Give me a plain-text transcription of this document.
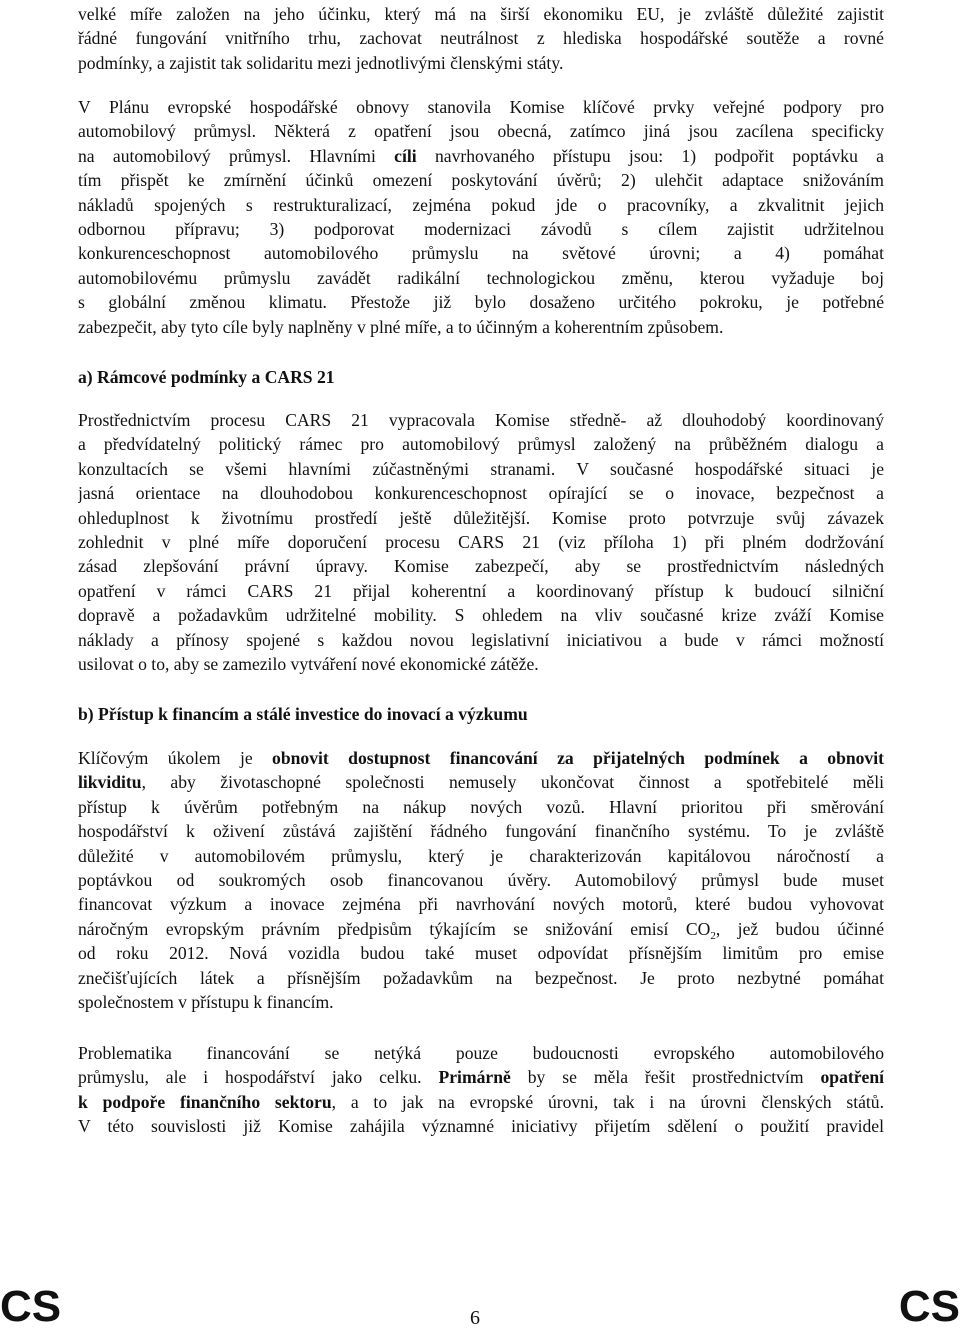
velké míře založen na jeho účinku, který má na širší ekonomiku EU, je zvláště důležité zajistit
řádné fungování vnitřního trhu, zachovat neutrálnost z hlediska hospodářské soutěže a rovné
podmínky, a zajistit tak solidaritu mezi jednotlivými členskými státy.
V Plánu evropské hospodářské obnovy stanovila Komise klíčové prvky veřejné podpory pro
automobilový průmysl. Některá z opatření jsou obecná, zatímco jiná jsou zacílena specificky
na automobilový průmysl. Hlavními cíli navrhovaného přístupu jsou: 1) podpořit poptávku a
tím přispět ke zmírnění účinků omezení poskytování úvěrů; 2) ulehčit adaptace snižováním
nákladů spojených s restrukturalizací, zejména pokud jde o pracovníky, a zkvalitnit jejich
odbornou přípravu; 3) podporovat modernizaci závodů s cílem zajistit udržitelnou
konkurenceschopnost automobilového průmyslu na světové úrovni; a 4) pomáhat
automobilovému průmyslu zavádět radikální technologickou změnu, kterou vyžaduje boj
s globální změnou klimatu. Přestože již bylo dosaženo určitého pokroku, je potřebné
zabezpečit, aby tyto cíle byly naplněny v plné míře, a to účinným a koherentním způsobem.
a) Rámcové podmínky a CARS 21
Prostřednictvím procesu CARS 21 vypracovala Komise středně- až dlouhodobý koordinovaný
a předvídatelný politický rámec pro automobilový průmysl založený na průběžném dialogu a
konzultacích se všemi hlavními zúčastněnými stranami. V současné hospodářské situaci je
jasná orientace na dlouhodobou konkurenceschopnost opírající se o inovace, bezpečnost a
ohleduplnost k životnímu prostředí ještě důležitější. Komise proto potvrzuje svůj závazek
zohlednit v plné míře doporučení procesu CARS 21 (viz příloha 1) při plném dodržování
zásad zlepšování právní úpravy. Komise zabezpečí, aby se prostřednictvím následných
opatření v rámci CARS 21 přijal koherentní a koordinovaný přístup k budoucí silniční
dopravě a požadavkům udržitelné mobility. S ohledem na vliv současné krize zváží Komise
náklady a přínosy spojené s každou novou legislativní iniciativou a bude v rámci možností
usilovat o to, aby se zamezilo vytváření nové ekonomické zátěže.
b) Přístup k financím a stálé investice do inovací a výzkumu
Klíčovým úkolem je obnovit dostupnost financování za přijatelných podmínek a obnovit
likviditu, aby životaschopné společnosti nemusely ukončovat činnost a spotřebitelé měli
přístup k úvěrům potřebným na nákup nových vozů. Hlavní prioritou při směrování
hospodářství k oživení zůstává zajištění řádného fungování finančního systému. To je zvláště
důležité v automobilovém průmyslu, který je charakterizován kapitálovou náročností a
poptávkou od soukromých osob financovanou úvěry. Automobilový průmysl bude muset
financovat výzkum a inovace zejména při navrhování nových motorů, které budou vyhovovat
náročným evropským právním předpisům týkajícím se snižování emisí $CO_2$, jež budou účinné
od roku 2012. Nová vozidla budou také muset odpovídat přísnějším limitům pro emise
znečišťujících látek a přísnějším požadavkům na bezpečnost. Je proto nezbytné pomáhat
společnostem v přístupu k financím.
Problematika financování se netýká pouze budoucnosti evropského automobilového
průmyslu, ale i hospodářství jako celku. Primárně by se měla řešit prostřednictvím opatření
k podpoře finančního sektoru, a to jak na evropské úrovni, tak i na úrovni členských států.
V této souvislosti již Komise zahájila významné iniciativy přijetím sdělení o použití pravidel
CS	6	CS
